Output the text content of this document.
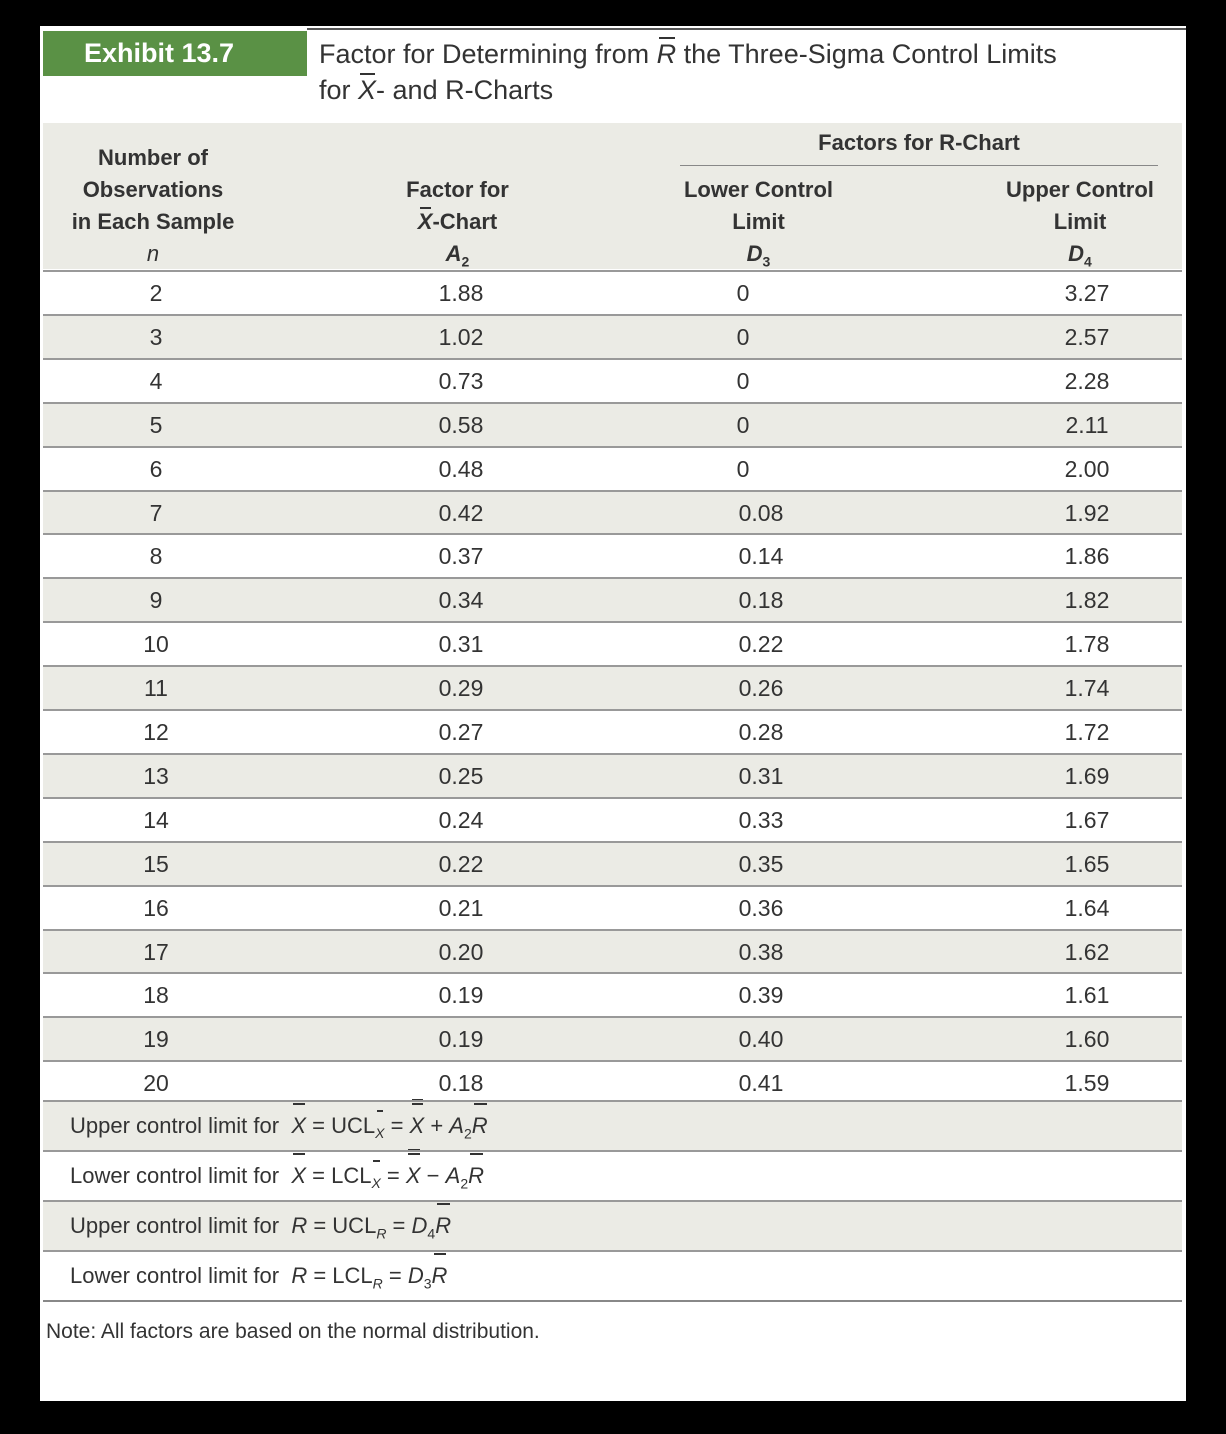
Exhibit 13.7	Factor for Determining from R the Three-Sigma Control Limits
for X- and R-Charts
Number of
Observations
in Each Sample
n
Factor for
X-Chart
$A_2$
Factors for R-Chart
Lower Control
Limit
$D_3$
Upper Control
Limit
$D_4$
2	1.88	0	3.27
3	1.02	0	2.57
4	0.73	0	2.28
5	0.58	0	2.11
6	0.48	0	2.00
7	0.42	0.08	1.92
8	0.37	0.14	1.86
9	0.34	0.18	1.82
10	0.31	0.22	1.78
11	0.29	0.26	1.74
12	0.27	0.28	1.72
13	0.25	0.31	1.69
14	0.24	0.33	1.67
15	0.22	0.35	1.65
16	0.21	0.36	1.64
17	0.20	0.38	1.62
18	0.19	0.39	1.61
19	0.19	0.40	1.60
20	0.18	0.41	1.59
Upper control limit for $X = UCL_X = X + A_2R$
Lower control limit for $X = LCL_X = X - A_2R$
Upper control limit for $R = UCL_R = D_4R$
Lower control limit for $R = LCL_R = D_3R$
Note: All factors are based on the normal distribution.
